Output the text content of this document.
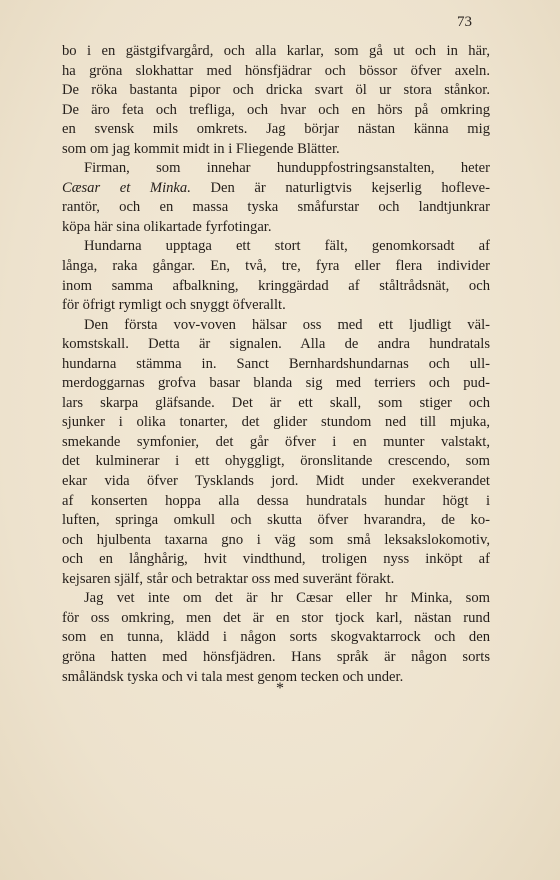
73
bo i en gästgifvargård, och alla karlar, som gå ut och in här,
ha gröna slokhattar med hönsfjädrar och bössor öfver axeln.
De röka bastanta pipor och dricka svart öl ur stora stånkor.
De äro feta och trefliga, och hvar och en hörs på omkring
en svensk mils omkrets. Jag börjar nästan känna mig
som om jag kommit midt in i Fliegende Blätter.
Firman, som innehar hunduppfostringsanstalten, heter
Cæsar et Minka. Den är naturligtvis kejserlig hofleve-
rantör, och en massa tyska småfurstar och landtjunkrar
köpa här sina olikartade fyrfotingar.
Hundarna upptaga ett stort fält, genomkorsadt af
långa, raka gångar. En, två, tre, fyra eller flera individer
inom samma afbalkning, kringgärdad af ståltrådsnät, och
för öfrigt rymligt och snyggt öfverallt.
Den första vov-voven hälsar oss med ett ljudligt väl-
komstskall. Detta är signalen. Alla de andra hundratals
hundarna stämma in. Sanct Bernhardshundarnas och ull-
merdoggarnas grofva basar blanda sig med terriers och pud-
lars skarpa gläfsande. Det är ett skall, som stiger och
sjunker i olika tonarter, det glider stundom ned till mjuka,
smekande symfonier, det går öfver i en munter valstakt,
det kulminerar i ett ohyggligt, öronslitande crescendo, som
ekar vida öfver Tysklands jord. Midt under exekverandet
af konserten hoppa alla dessa hundratals hundar högt i
luften, springa omkull och skutta öfver hvarandra, de ko-
och hjulbenta taxarna gno i väg som små leksakslokomotiv,
och en långhårig, hvit vindthund, troligen nyss inköpt af
kejsaren själf, står och betraktar oss med suveränt förakt.
Jag vet inte om det är hr Cæsar eller hr Minka, som
för oss omkring, men det är en stor tjock karl, nästan rund
som en tunna, klädd i någon sorts skogvaktarrock och den
gröna hatten med hönsfjädren. Hans språk är någon sorts
småländsk tyska och vi tala mest genom tecken och under.
*
